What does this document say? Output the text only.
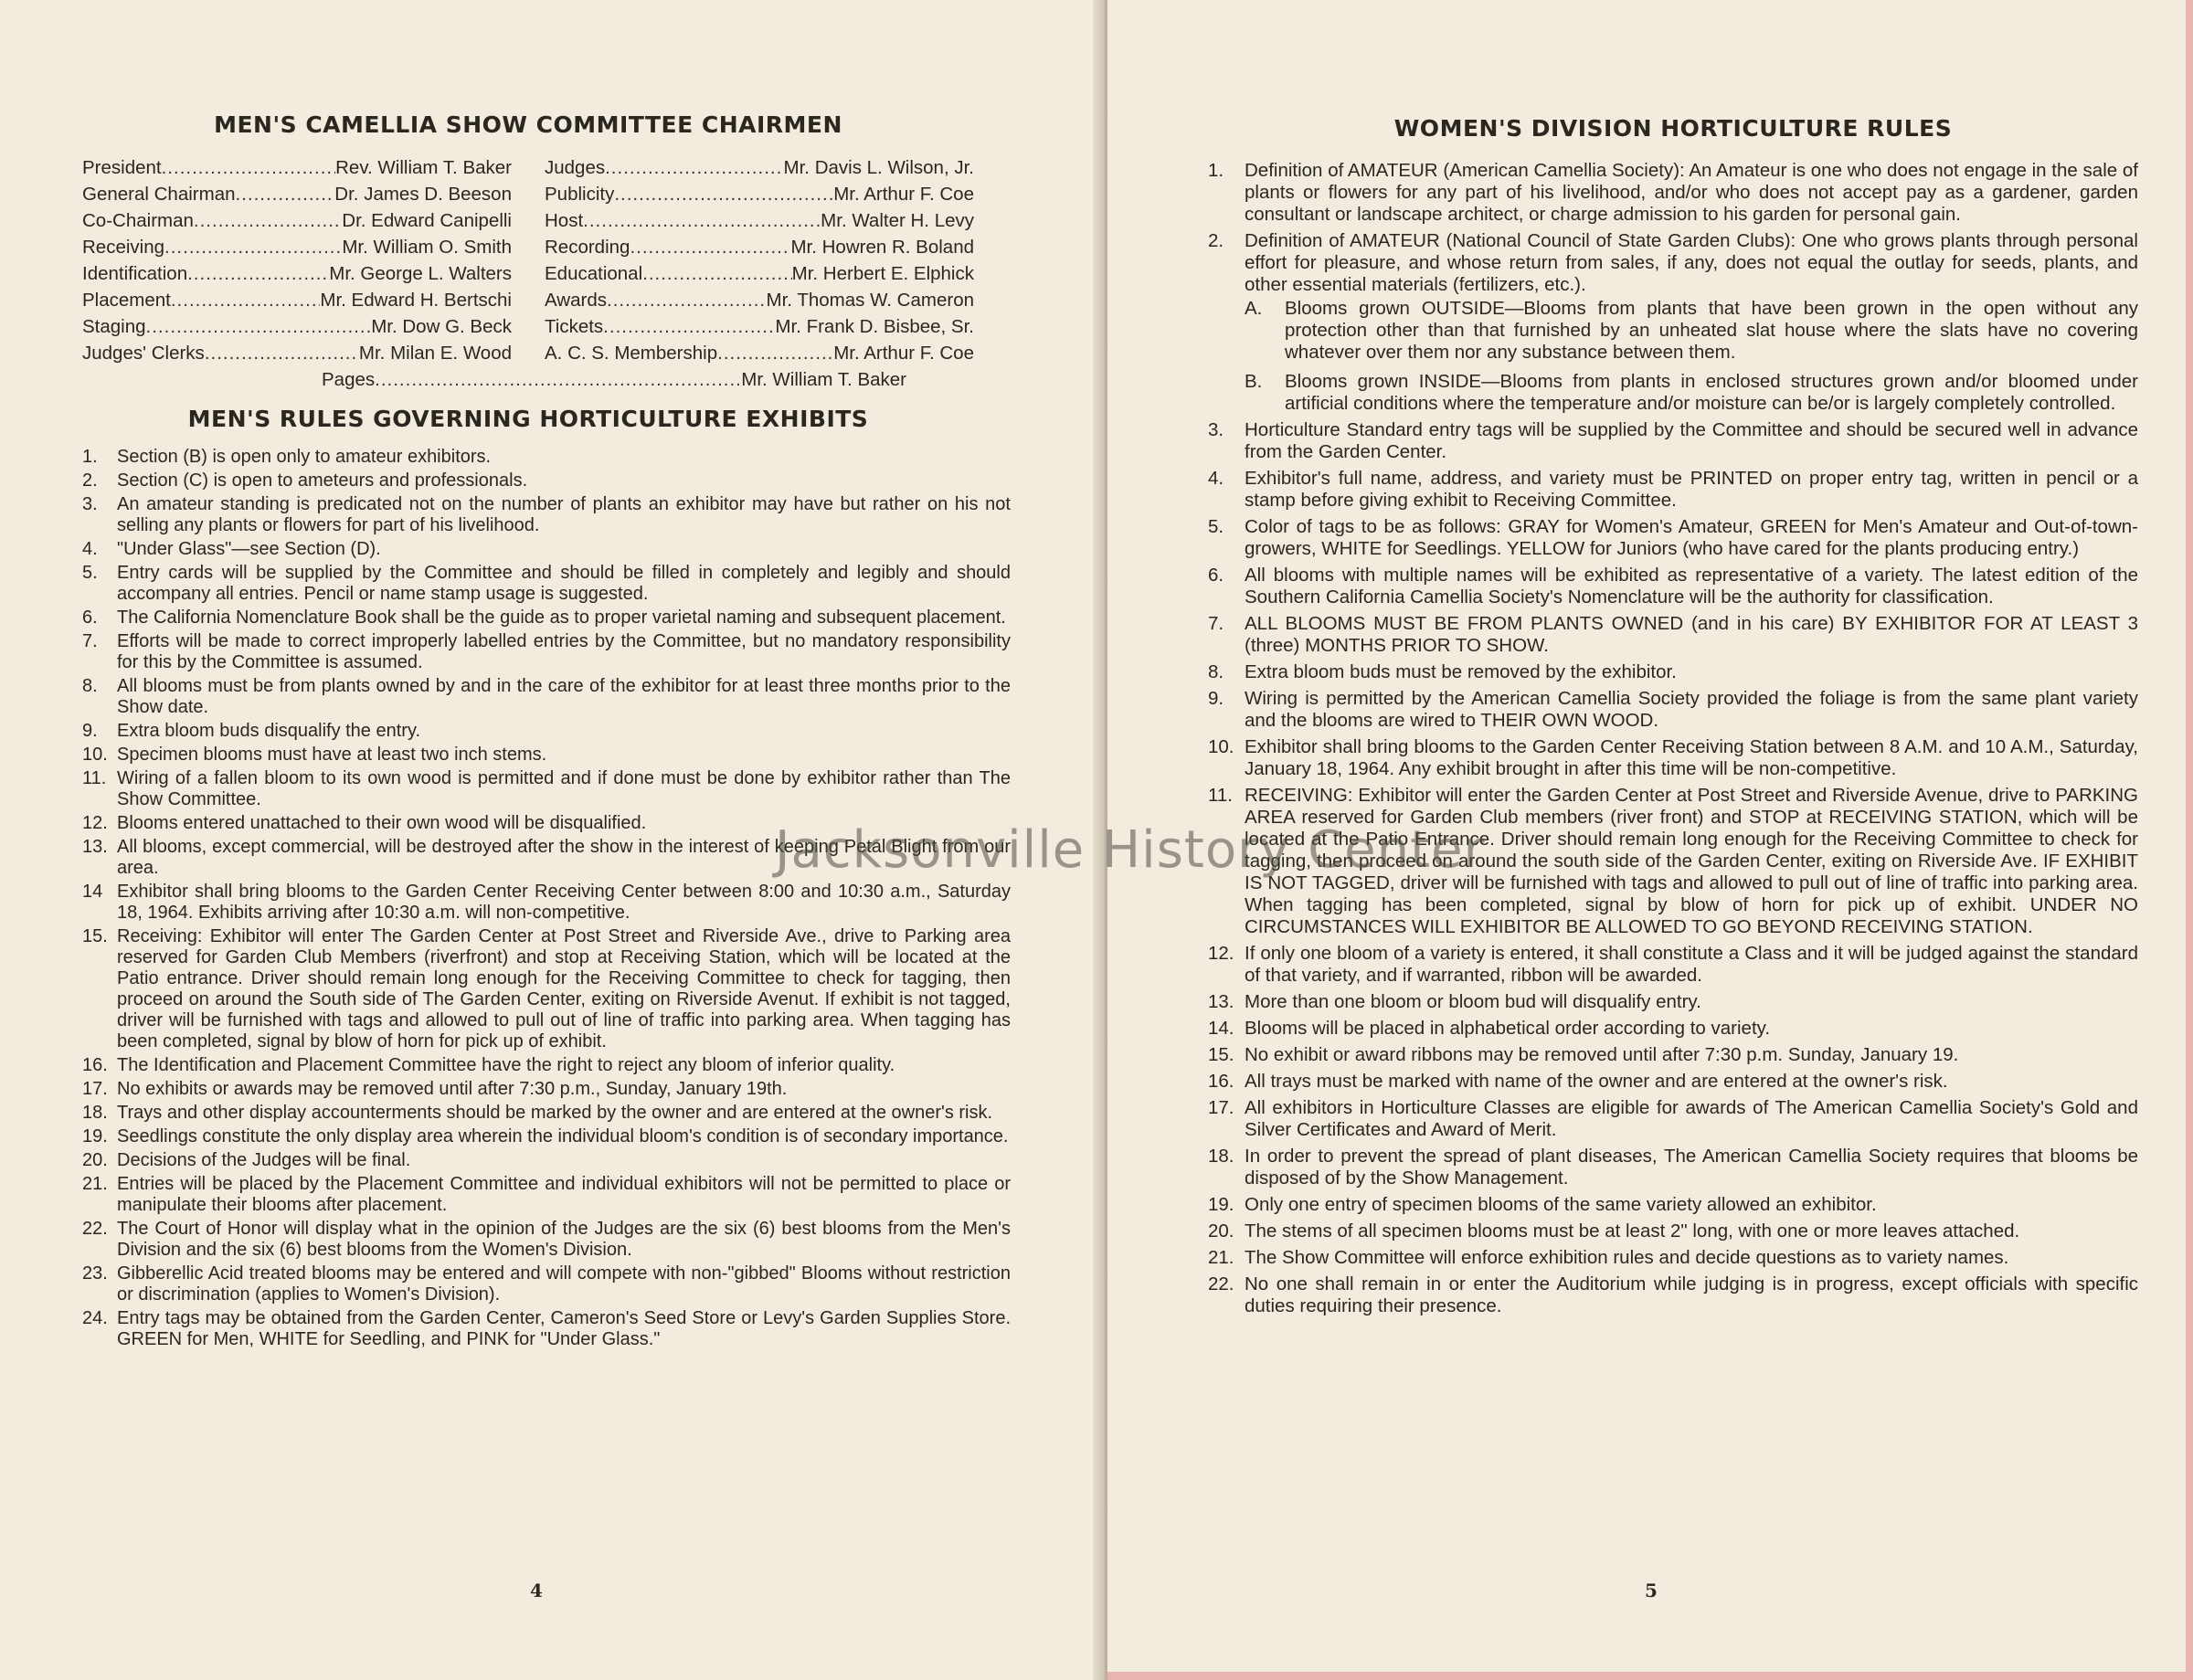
MEN'S CAMELLIA SHOW COMMITTEE CHAIRMEN
President .....	Rev. William T. Baker
General Chairman .....	Dr. James D. Beeson
Co-Chairman .....	Dr. Edward Canipelli
Receiving .....	Mr. William O. Smith
Identification .....	Mr. George L. Walters
Placement .....	Mr. Edward H. Bertschi
Staging .....	Mr. Dow G. Beck
Judges' Clerks .....	Mr. Milan E. Wood
Judges .....	Mr. Davis L. Wilson, Jr.
Publicity .....	Mr. Arthur F. Coe
Host .....	Mr. Walter H. Levy
Recording .....	Mr. Howren R. Boland
Educational .....	Mr. Herbert E. Elphick
Awards .....	Mr. Thomas W. Cameron
Tickets .....	Mr. Frank D. Bisbee, Sr.
A. C. S. Membership .....	Mr. Arthur F. Coe
Pages .....	Mr. William T. Baker
MEN'S RULES GOVERNING HORTICULTURE EXHIBITS
1.	Section (B) is open only to amateur exhibitors.
2.	Section (C) is open to ameteurs and professionals.
3.	An amateur standing is predicated not on the number of plants an exhibitor may have but rather on his not selling any plants or flowers for part of his livelihood.
4.	"Under Glass"—see Section (D).
5.	Entry cards will be supplied by the Committee and should be filled in completely and legibly and should accompany all entries. Pencil or name stamp usage is suggested.
6.	The California Nomenclature Book shall be the guide as to proper varietal naming and subsequent placement.
7.	Efforts will be made to correct improperly labelled entries by the Committee, but no mandatory responsibility for this by the Committee is assumed.
8.	All blooms must be from plants owned by and in the care of the exhibitor for at least three months prior to the Show date.
9.	Extra bloom buds disqualify the entry.
10. Specimen blooms must have at least two inch stems.
11. Wiring of a fallen bloom to its own wood is permitted and if done must be done by exhibitor rather than The Show Committee.
12. Blooms entered unattached to their own wood will be disqualified.
13. All blooms, except commercial, will be destroyed after the show in the interest of keeping Petal Blight from our area.
14 Exhibitor shall bring blooms to the Garden Center Receiving Center between 8:00 and 10:30 a.m., Saturday 18, 1964. Exhibits arriving after 10:30 a.m. will non-competitive.
15. Receiving: Exhibitor will enter The Garden Center at Post Street and Riverside Ave., drive to Parking area reserved for Garden Club Members (riverfront) and stop at Receiving Station, which will be located at the Patio entrance. Driver should remain long enough for the Receiving Committee to check for tagging, then proceed on around the South side of The Garden Center, exiting on Riverside Avenut. If exhibit is not tagged, driver will be furnished with tags and allowed to pull out of line of traffic into parking area. When tagging has been completed, signal by blow of horn for pick up of exhibit.
16. The Identification and Placement Committee have the right to reject any bloom of inferior quality.
17. No exhibits or awards may be removed until after 7:30 p.m., Sunday, January 19th.
18. Trays and other display accounterments should be marked by the owner and are entered at the owner's risk.
19. Seedlings constitute the only display area wherein the individual bloom's condition is of secondary importance.
20. Decisions of the Judges will be final.
21. Entries will be placed by the Placement Committee and individual exhibitors will not be permitted to place or manipulate their blooms after placement.
22. The Court of Honor will display what in the opinion of the Judges are the six (6) best blooms from the Men's Division and the six (6) best blooms from the Women's Division.
23. Gibberellic Acid treated blooms may be entered and will compete with non-"gibbed" Blooms without restriction or discrimination (applies to Women's Division).
24. Entry tags may be obtained from the Garden Center, Cameron's Seed Store or Levy's Garden Supplies Store. GREEN for Men, WHITE for Seedling, and PINK for "Under Glass."
4
WOMEN'S DIVISION HORTICULTURE RULES
1.	Definition of AMATEUR (American Camellia Society): An Amateur is one who does not engage in the sale of plants or flowers for any part of his livelihood, and/or who does not accept pay as a gardener, garden consultant or landscape architect, or charge admission to his garden for personal gain.
2.	Definition of AMATEUR (National Council of State Garden Clubs): One who grows plants through personal effort for pleasure, and whose return from sales, if any, does not equal the outlay for seeds, plants, and other essential materials (fertilizers, etc.).
A.	Blooms grown OUTSIDE—Blooms from plants that have been grown in the open without any protection other than that furnished by an unheated slat house where the slats have no covering whatever over them nor any substance between them.
B.	Blooms grown INSIDE—Blooms from plants in enclosed structures grown and/or bloomed under artificial conditions where the temperature and/or moisture can be/or is largely completely controlled.
3.	Horticulture Standard entry tags will be supplied by the Committee and should be secured well in advance from the Garden Center.
4.	Exhibitor's full name, address, and variety must be PRINTED on proper entry tag, written in pencil or a stamp before giving exhibit to Receiving Committee.
5.	Color of tags to be as follows: GRAY for Women's Amateur, GREEN for Men's Amateur and Out-of-town-growers, WHITE for Seedlings. YELLOW for Juniors (who have cared for the plants producing entry.)
6.	All blooms with multiple names will be exhibited as representative of a variety. The latest edition of the Southern California Camellia Society's Nomenclature will be the authority for classification.
7.	ALL BLOOMS MUST BE FROM PLANTS OWNED (and in his care) BY EXHIBITOR FOR AT LEAST 3 (three) MONTHS PRIOR TO SHOW.
8.	Extra bloom buds must be removed by the exhibitor.
9.	Wiring is permitted by the American Camellia Society provided the foliage is from the same plant variety and the blooms are wired to THEIR OWN WOOD.
10. Exhibitor shall bring blooms to the Garden Center Receiving Station between 8 A.M. and 10 A.M., Saturday, January 18, 1964. Any exhibit brought in after this time will be non-competitive.
11. RECEIVING: Exhibitor will enter the Garden Center at Post Street and Riverside Avenue, drive to PARKING AREA reserved for Garden Club members (river front) and STOP at RECEIVING STATION, which will be located at the Patio Entrance. Driver should remain long enough for the Receiving Committee to check for tagging, then proceed on around the south side of the Garden Center, exiting on Riverside Ave. IF EXHIBIT IS NOT TAGGED, driver will be furnished with tags and allowed to pull out of line of traffic into parking area. When tagging has been completed, signal by blow of horn for pick up of exhibit. UNDER NO CIRCUMSTANCES WILL EXHIBITOR BE ALLOWED TO GO BEYOND RECEIVING STATION.
12. If only one bloom of a variety is entered, it shall constitute a Class and it will be judged against the standard of that variety, and if warranted, ribbon will be awarded.
13. More than one bloom or bloom bud will disqualify entry.
14. Blooms will be placed in alphabetical order according to variety.
15. No exhibit or award ribbons may be removed until after 7:30 p.m. Sunday, January 19.
16. All trays must be marked with name of the owner and are entered at the owner's risk.
17. All exhibitors in Horticulture Classes are eligible for awards of The American Camellia Society's Gold and Silver Certificates and Award of Merit.
18. In order to prevent the spread of plant diseases, The American Camellia Society requires that blooms be disposed of by the Show Management.
19. Only one entry of specimen blooms of the same variety allowed an exhibitor.
20. The stems of all specimen blooms must be at least 2" long, with one or more leaves attached.
21. The Show Committee will enforce exhibition rules and decide questions as to variety names.
22. No one shall remain in or enter the Auditorium while judging is in progress, except officials with specific duties requiring their presence.
5
Jacksonville History Center
